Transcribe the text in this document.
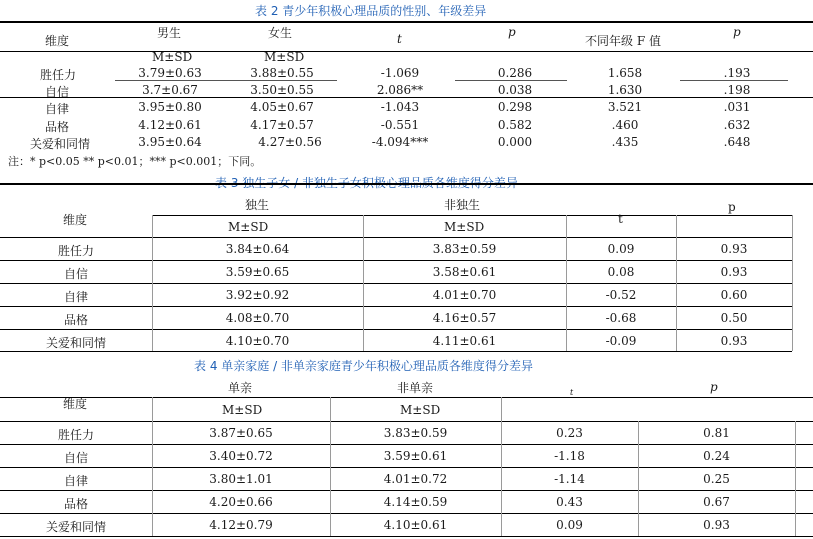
表 2 青少年积极心理品质的性别、年级差异
维度
男生	女生	t	p
不同年级 F 值
p
M±SD	M±SD
胜任力	3.79±0.63	3.88±0.55	-1.069	0.286	1.658	.193
自信	3.7±0.67	3.50±0.55	2.086**	0.038	1.630	.198
自律	3.95±0.80	4.05±0.67	-1.043	0.298	3.521	.031
品格	4.12±0.61	4.17±0.57	-0.551	0.582	.460	.632
关爱和同情	3.95±0.64	4.27±0.56	-4.094***	0.000	.435	.648
注：* p<0.05 ** p<0.01；*** p<0.001；下同。
表 3 独生子女 / 非独生子女积极心理品质各维度得分差异
独生	非独生	p
维度	t
M±SD	M±SD
胜任力	3.84±0.64	3.83±0.59	0.09	0.93
自信	3.59±0.65	3.58±0.61	0.08	0.93
自律	3.92±0.92	4.01±0.70	-0.52	0.60
品格	4.08±0.70	4.16±0.57	-0.68	0.50
关爱和同情	4.10±0.70	4.11±0.61	-0.09	0.93
表 4 单亲家庭 / 非单亲家庭青少年积极心理品质各维度得分差异
单亲	非单亲	p
t
维度	M±SD	M±SD
胜任力	3.87±0.65	3.83±0.59	0.23	0.81
自信	3.40±0.72	3.59±0.61	-1.18	0.24
自律	3.80±1.01	4.01±0.72	-1.14	0.25
品格	4.20±0.66	4.14±0.59	0.43	0.67
关爱和同情	4.12±0.79	4.10±0.61	0.09	0.93
